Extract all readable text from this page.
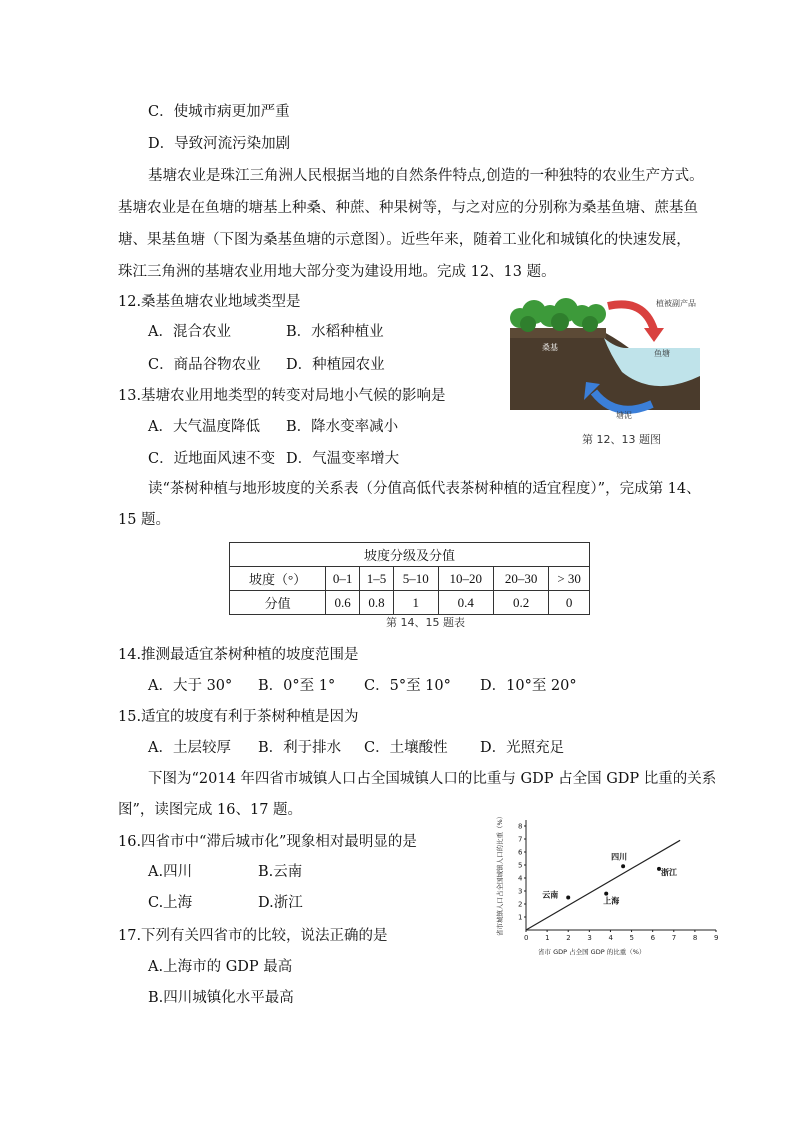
C．使城市病更加严重
D．导致河流污染加剧
基塘农业是珠江三角洲人民根据当地的自然条件特点,创造的一种独特的农业生产方式。
基塘农业是在鱼塘的塘基上种桑、种蔗、种果树等，与之对应的分别称为桑基鱼塘、蔗基鱼
塘、果基鱼塘（下图为桑基鱼塘的示意图）。近些年来，随着工业化和城镇化的快速发展，
珠江三角洲的基塘农业用地大部分变为建设用地。完成 12、13 题。
12.桑基鱼塘农业地域类型是
A．混合农业	B．水稻种植业
C．商品谷物农业 D．种植园农业
13.基塘农业用地类型的转变对局地小气候的影响是
A．大气温度降低 B．降水变率减小
C．近地面风速不变 D．气温变率增大
桑基
鱼塘
植被副产品
塘泥
第 12、13 题图
读“茶树种植与地形坡度的关系表（分值高低代表茶树种植的适宜程度）”，完成第 14、
15 题。
坡度分级及分值						
坡度（°）	0–1	1–5	5–10	10–20	20–30	> 30
分值	0.6	0.8	1	0.4	0.2	0
第 14、15 题表
14.推测最适宜茶树种植的坡度范围是
A．大于 30° B．0°至 1° C．5°至 10° D．10°至 20°
15.适宜的坡度有利于茶树种植是因为
A．土层较厚 B．利于排水 C．土壤酸性 D．光照充足
下图为“2014 年四省市城镇人口占全国城镇人口的比重与 GDP 占全国 GDP 比重的关系
图”，读图完成 16、17 题。
16.四省市中“滞后城市化”现象相对最明显的是
A.四川	B.云南
C.上海	D.浙江
17.下列有关四省市的比较，说法正确的是
A.上海市的 GDP 最高
B.四川城镇化水平最高
省市城镇人口占全国城镇人口的比重（%）
省市 GDP 占全国 GDP 的比重（%）
0 1 2 3 4 5 6 7 8 9
1
2
3
4
5
6
7
8
云南
上海
四川
浙江
